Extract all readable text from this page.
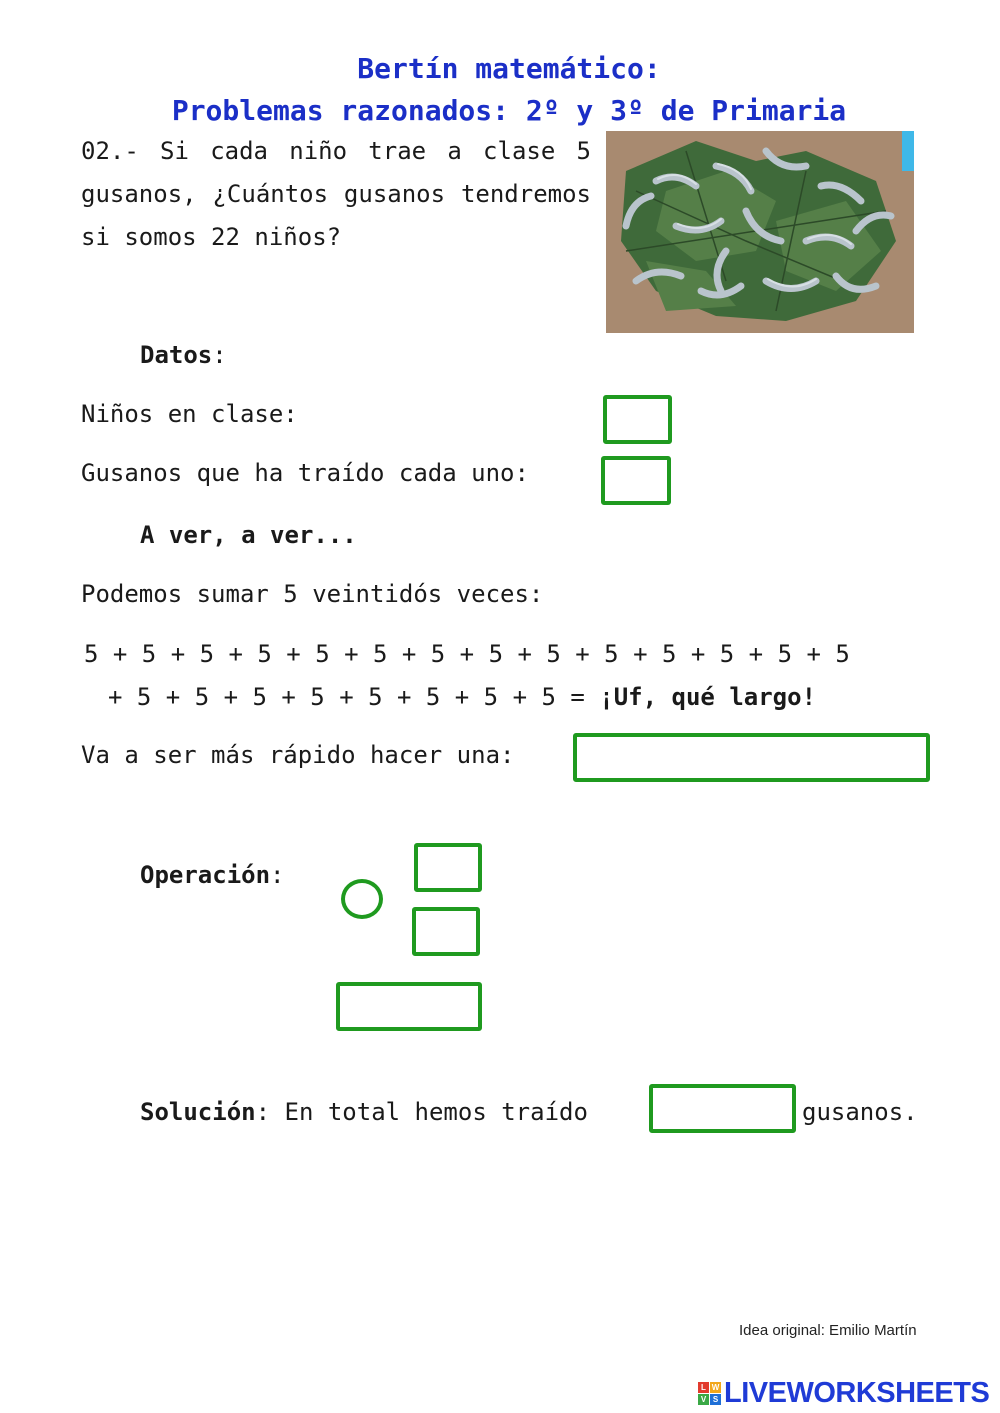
Bertín matemático:
Problemas razonados: 2º y 3º de Primaria
02.- Si cada niño trae a clase 5 gusanos, ¿Cuántos gusanos tendremos si somos 22 niños?
Datos:
Niños en clase:
Gusanos que ha traído cada uno:
A ver, a ver...
Podemos sumar 5 veintidós veces:
5 + 5 + 5 + 5 + 5 + 5 + 5 + 5 + 5 + 5 + 5 + 5 + 5 + 5
+ 5 + 5 + 5 + 5 + 5 + 5 + 5 + 5 = ¡Uf, qué largo!
Va a ser más rápido hacer una:
Operación:
Solución: En total hemos traído	gusanos.
Idea original: Emilio Martín
L W
V S LIVEWORKSHEETS
